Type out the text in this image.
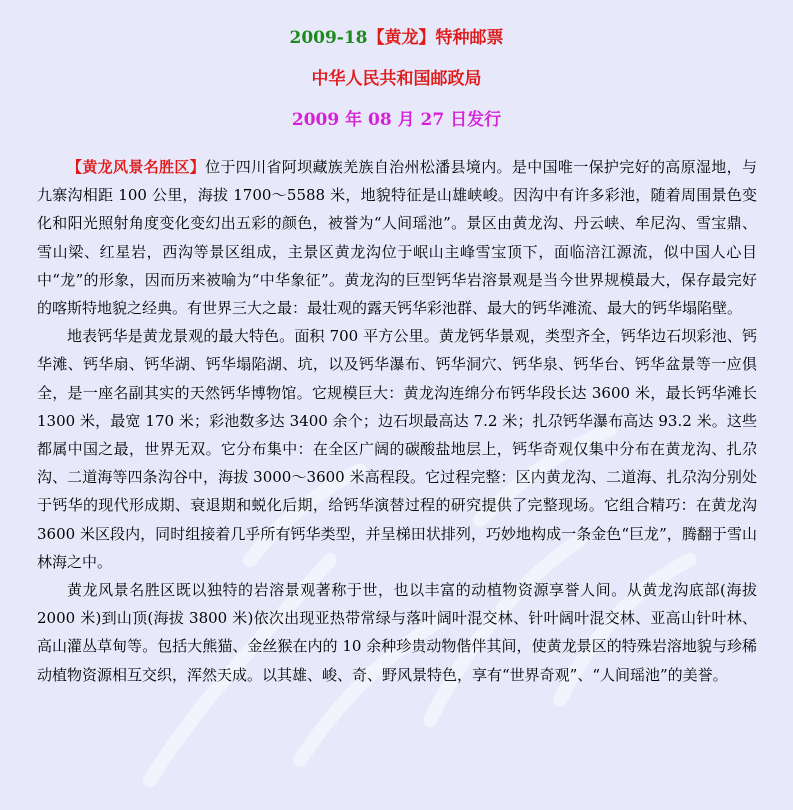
2009-18【黄龙】特种邮票
中华人民共和国邮政局
2009 年 08 月 27 日发行

【黄龙风景名胜区】位于四川省阿坝藏族羌族自治州松潘县境内。是中国唯一保护完好的高原湿地，与九寨沟相距 100 公里，海拔 1700～5588 米，地貌特征是山雄峡峻。因沟中有许多彩池，随着周围景色变化和阳光照射角度变化变幻出五彩的颜色，被誉为“人间瑶池”。景区由黄龙沟、丹云峡、牟尼沟、雪宝鼎、雪山梁、红星岩，西沟等景区组成，主景区黄龙沟位于岷山主峰雪宝顶下，面临涪江源流，似中国人心目中“龙”的形象，因而历来被喻为“中华象征”。黄龙沟的巨型钙华岩溶景观是当今世界规模最大，保存最完好的喀斯特地貌之经典。有世界三大之最：最壮观的露天钙华彩池群、最大的钙华滩流、最大的钙华塌陷壁。

地表钙华是黄龙景观的最大特色。面积 700 平方公里。黄龙钙华景观，类型齐全，钙华边石坝彩池、钙华滩、钙华扇、钙华湖、钙华塌陷湖、坑，以及钙华瀑布、钙华洞穴、钙华泉、钙华台、钙华盆景等一应俱全，是一座名副其实的天然钙华博物馆。它规模巨大：黄龙沟连绵分布钙华段长达 3600 米，最长钙华滩长 1300 米，最宽 170 米；彩池数多达 3400 余个；边石坝最高达 7.2 米；扎尕钙华瀑布高达 93.2 米。这些都属中国之最，世界无双。它分布集中：在全区广阔的碳酸盐地层上，钙华奇观仅集中分布在黄龙沟、扎尕沟、二道海等四条沟谷中，海拔 3000～3600 米高程段。它过程完整：区内黄龙沟、二道海、扎尕沟分别处于钙华的现代形成期、衰退期和蜕化后期，给钙华演替过程的研究提供了完整现场。它组合精巧：在黄龙沟 3600 米区段内，同时组接着几乎所有钙华类型，并呈梯田状排列，巧妙地构成一条金色“巨龙”，腾翻于雪山林海之中。

黄龙风景名胜区既以独特的岩溶景观著称于世，也以丰富的动植物资源享誉人间。从黄龙沟底部(海拔 2000 米)到山顶(海拔 3800 米)依次出现亚热带常绿与落叶阔叶混交林、针叶阔叶混交林、亚高山针叶林、高山灌丛草甸等。包括大熊猫、金丝猴在内的 10 余种珍贵动物偕伴其间，使黄龙景区的特殊岩溶地貌与珍稀动植物资源相互交织，浑然天成。以其雄、峻、奇、野风景特色，享有“世界奇观”、“人间瑶池”的美誉。
